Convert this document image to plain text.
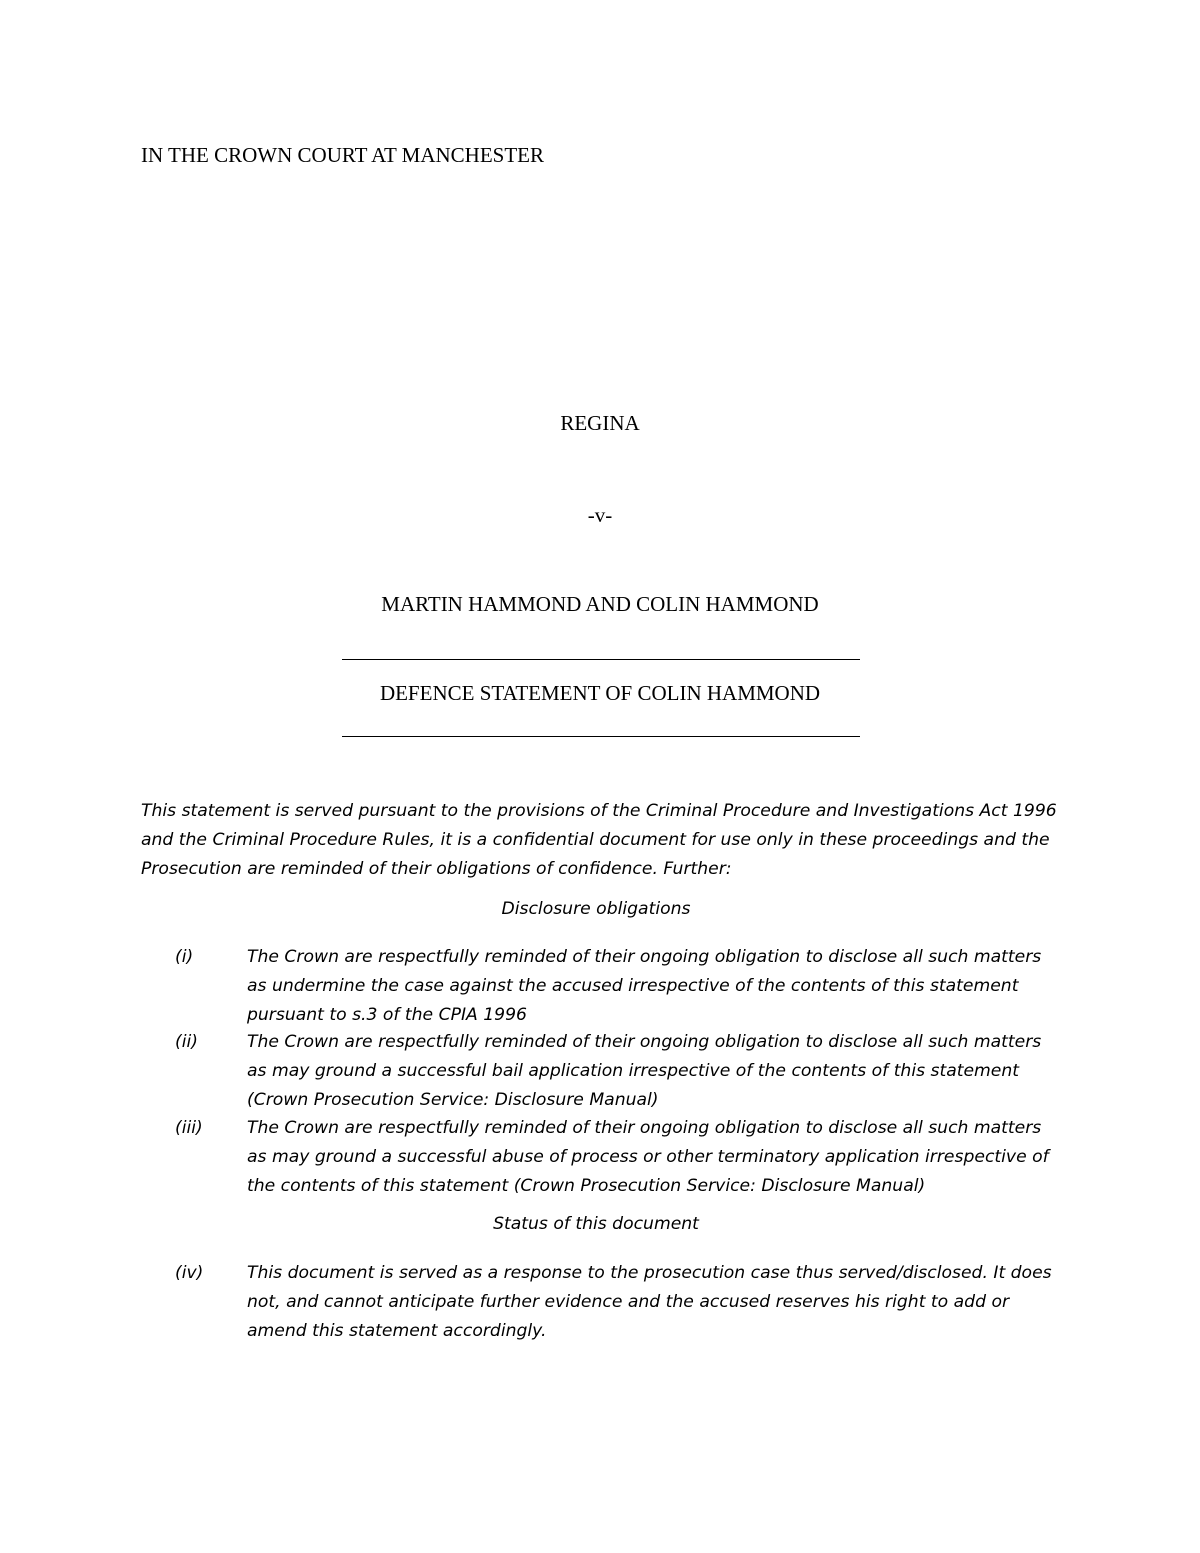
IN THE CROWN COURT AT MANCHESTER

REGINA

-v-

MARTIN HAMMOND AND COLIN HAMMOND

DEFENCE STATEMENT OF COLIN HAMMOND

This statement is served pursuant to the provisions of the Criminal Procedure and Investigations Act 1996
and the Criminal Procedure Rules, it is a confidential document for use only in these proceedings and the
Prosecution are reminded of their obligations of confidence. Further:

Disclosure obligations

(i)	The Crown are respectfully reminded of their ongoing obligation to disclose all such matters
as undermine the case against the accused irrespective of the contents of this statement
pursuant to s.3 of the CPIA 1996
(ii)	The Crown are respectfully reminded of their ongoing obligation to disclose all such matters
as may ground a successful bail application irrespective of the contents of this statement
(Crown Prosecution Service: Disclosure Manual)
(iii)	The Crown are respectfully reminded of their ongoing obligation to disclose all such matters
as may ground a successful abuse of process or other terminatory application irrespective of
the contents of this statement (Crown Prosecution Service: Disclosure Manual)

Status of this document

(iv)	This document is served as a response to the prosecution case thus served/disclosed. It does
not, and cannot anticipate further evidence and the accused reserves his right to add or
amend this statement accordingly.
